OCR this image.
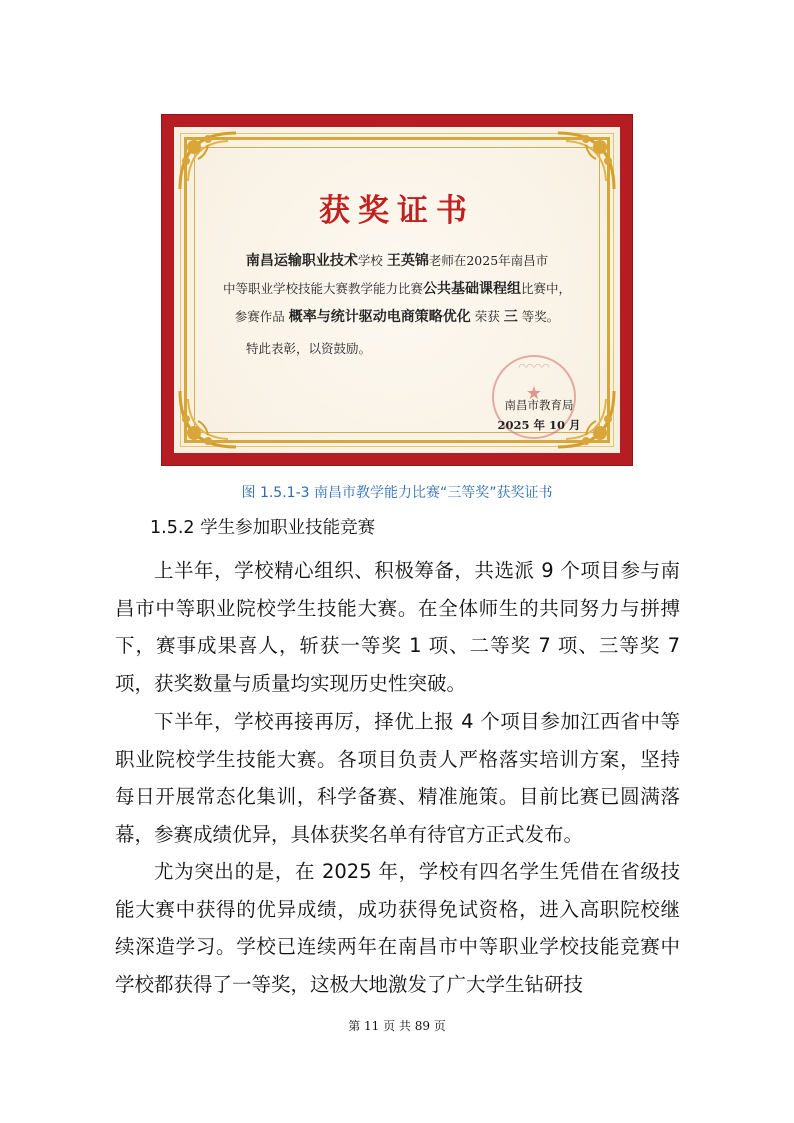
获奖证书
南昌运输职业技术学校 王英锦老师在2025年南昌市
中等职业学校技能大赛教学能力比赛公共基础课程组比赛中，
参赛作品 概率与统计驱动电商策略优化 荣获 三 等奖。
特此表彰，以资鼓励。
◠◠◠◠
★
南昌市教育局
2025 年 10 月
图 1.5.1-3 南昌市教学能力比赛“三等奖”获奖证书
1.5.2 学生参加职业技能竞赛
上半年，学校精心组织、积极筹备，共选派 9 个项目参与南昌市中等职业院校学生技能大赛。在全体师生的共同努力与拼搏下，赛事成果喜人，斩获一等奖 1 项、二等奖 7 项、三等奖 7 项，获奖数量与质量均实现历史性突破。
下半年，学校再接再厉，择优上报 4 个项目参加江西省中等职业院校学生技能大赛。各项目负责人严格落实培训方案，坚持每日开展常态化集训，科学备赛、精准施策。目前比赛已圆满落幕，参赛成绩优异，具体获奖名单有待官方正式发布。
尤为突出的是，在 2025 年，学校有四名学生凭借在省级技能大赛中获得的优异成绩，成功获得免试资格，进入高职院校继续深造学习。学校已连续两年在南昌市中等职业学校技能竞赛中学校都获得了一等奖，这极大地激发了广大学生钻研技
第 11 页 共 89 页
